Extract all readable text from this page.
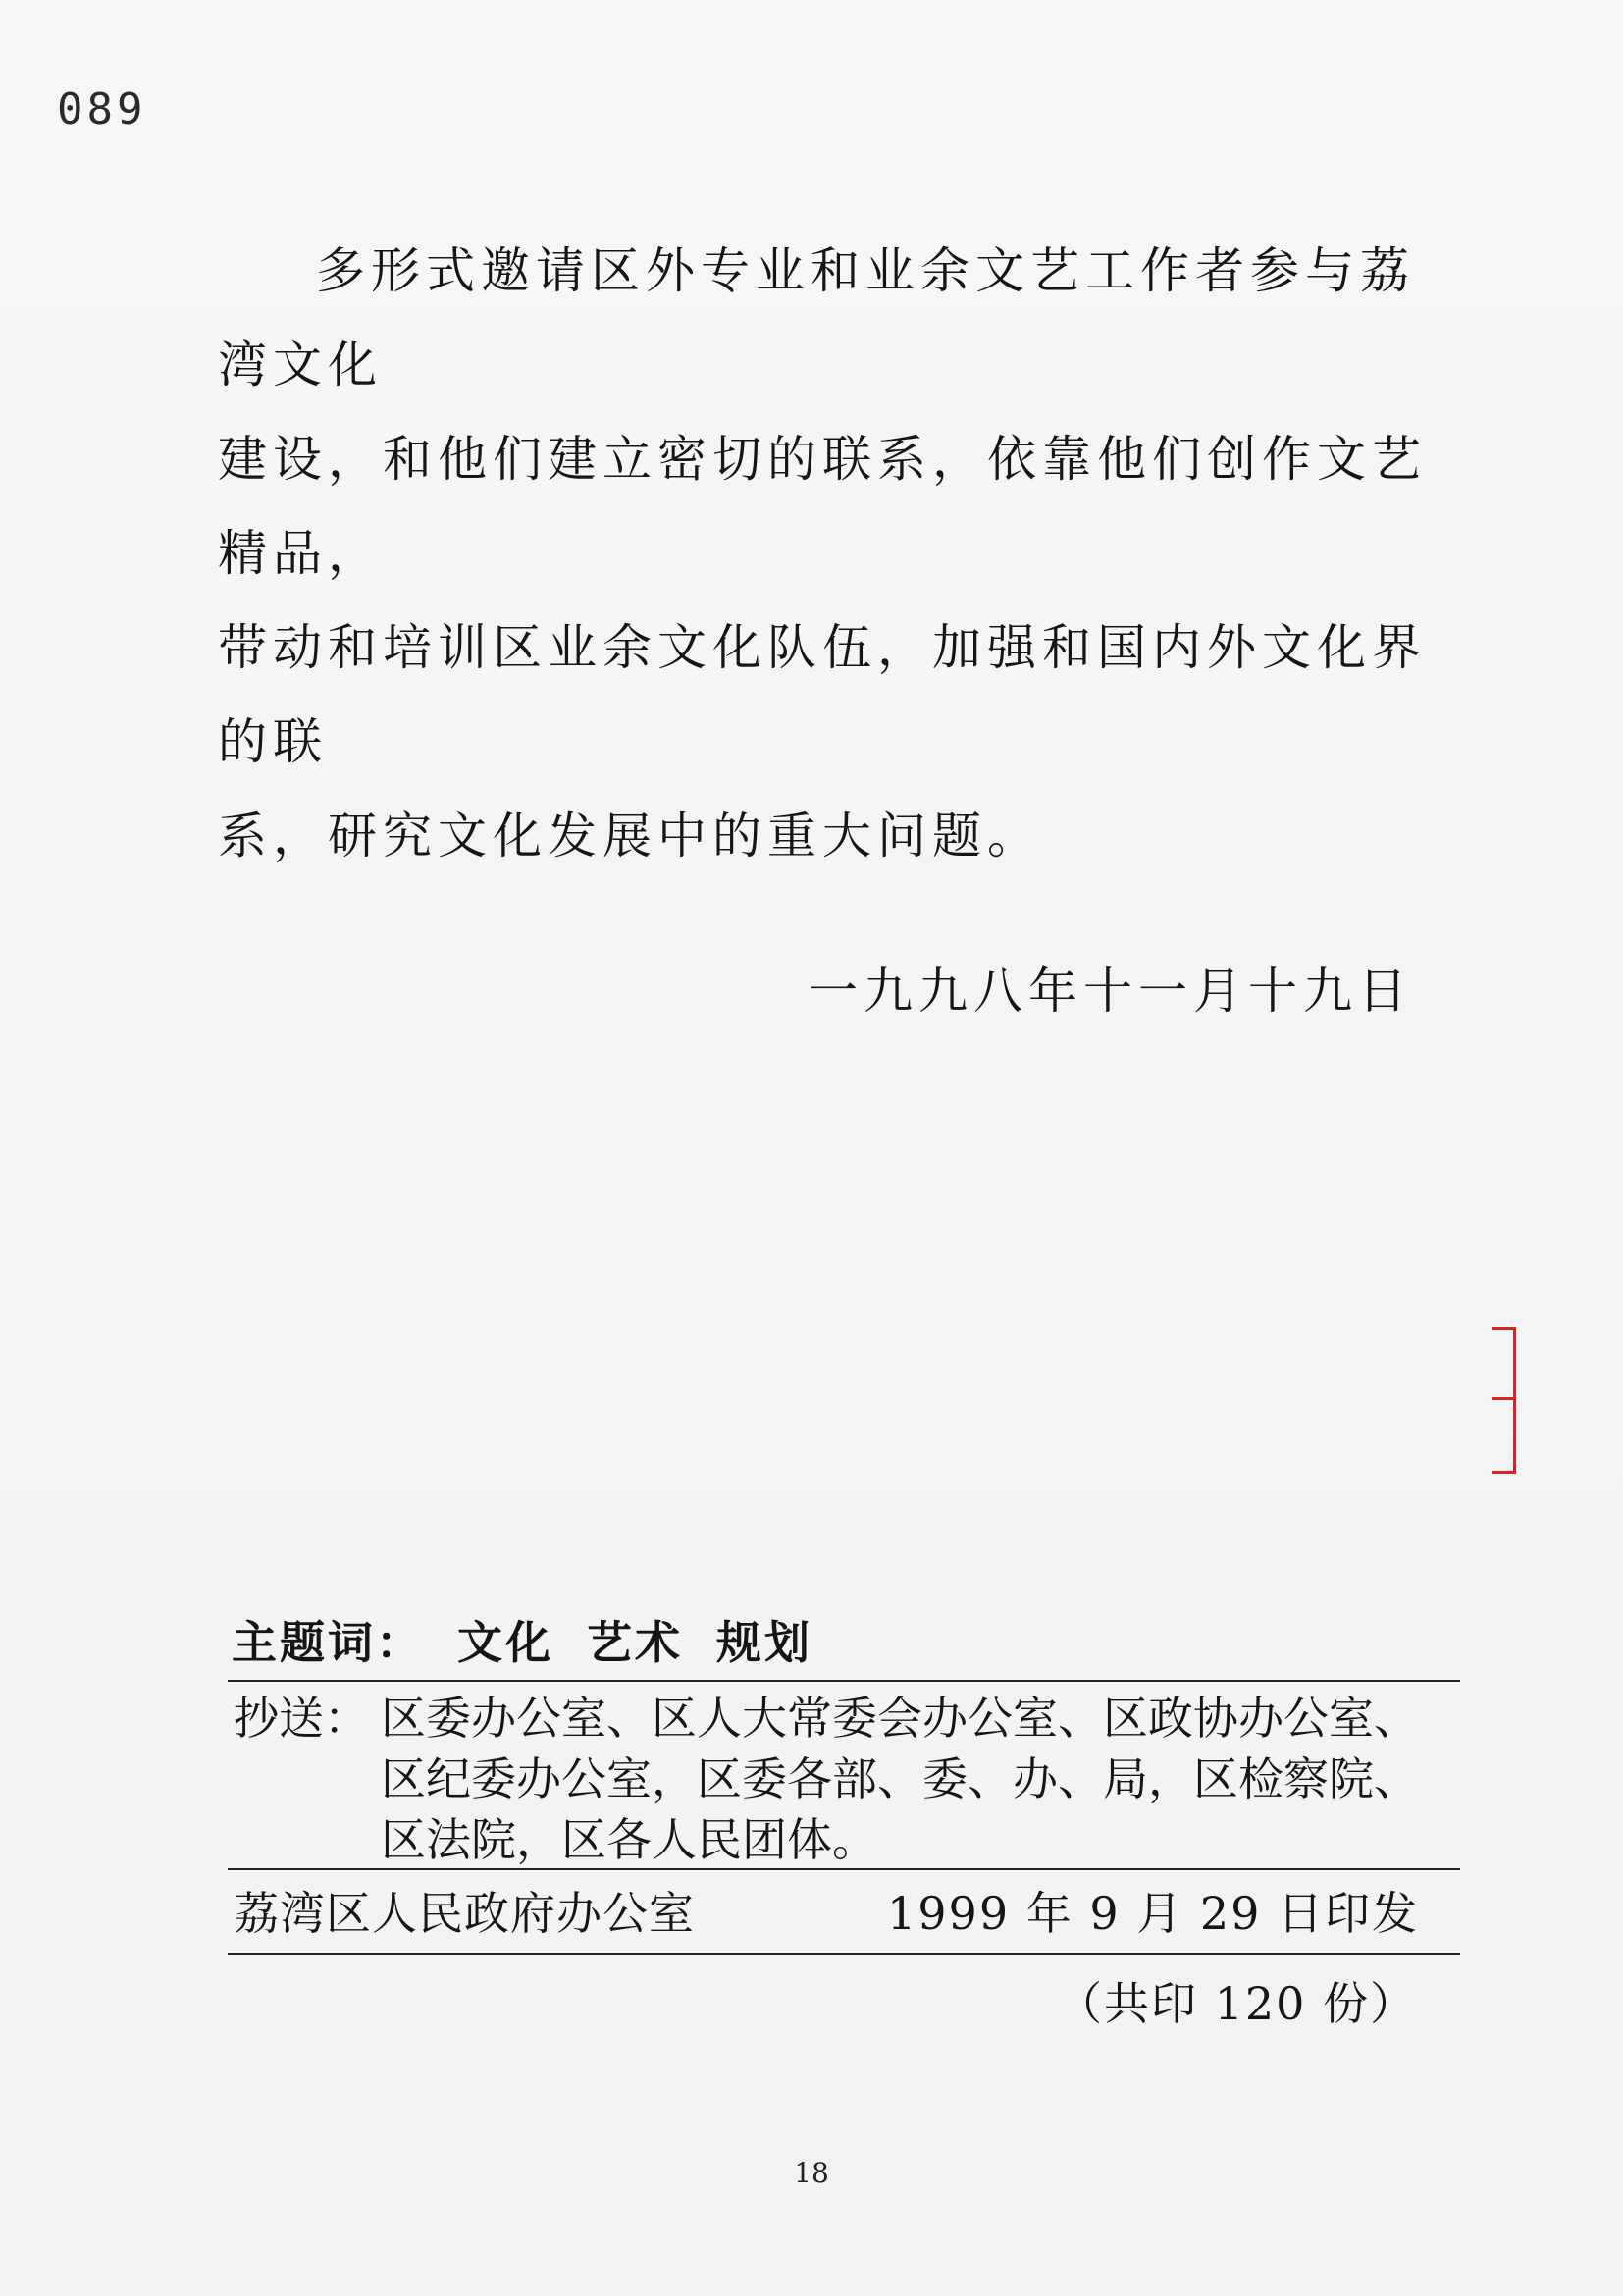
089

多形式邀请区外专业和业余文艺工作者参与荔湾文化

建设，和他们建立密切的联系，依靠他们创作文艺精品，

带动和培训区业余文化队伍，加强和国内外文化界的联

系，研究文化发展中的重大问题。

一九九八年十一月十九日
主题词： 文化 艺术 规划
抄送： 区委办公室、区人大常委会办公室、区政协办公室、
区纪委办公室，区委各部、委、办、局，区检察院、
区法院，区各人民团体。
荔湾区人民政府办公室	1999 年 9 月 29 日印发
（共印 120 份）
18
